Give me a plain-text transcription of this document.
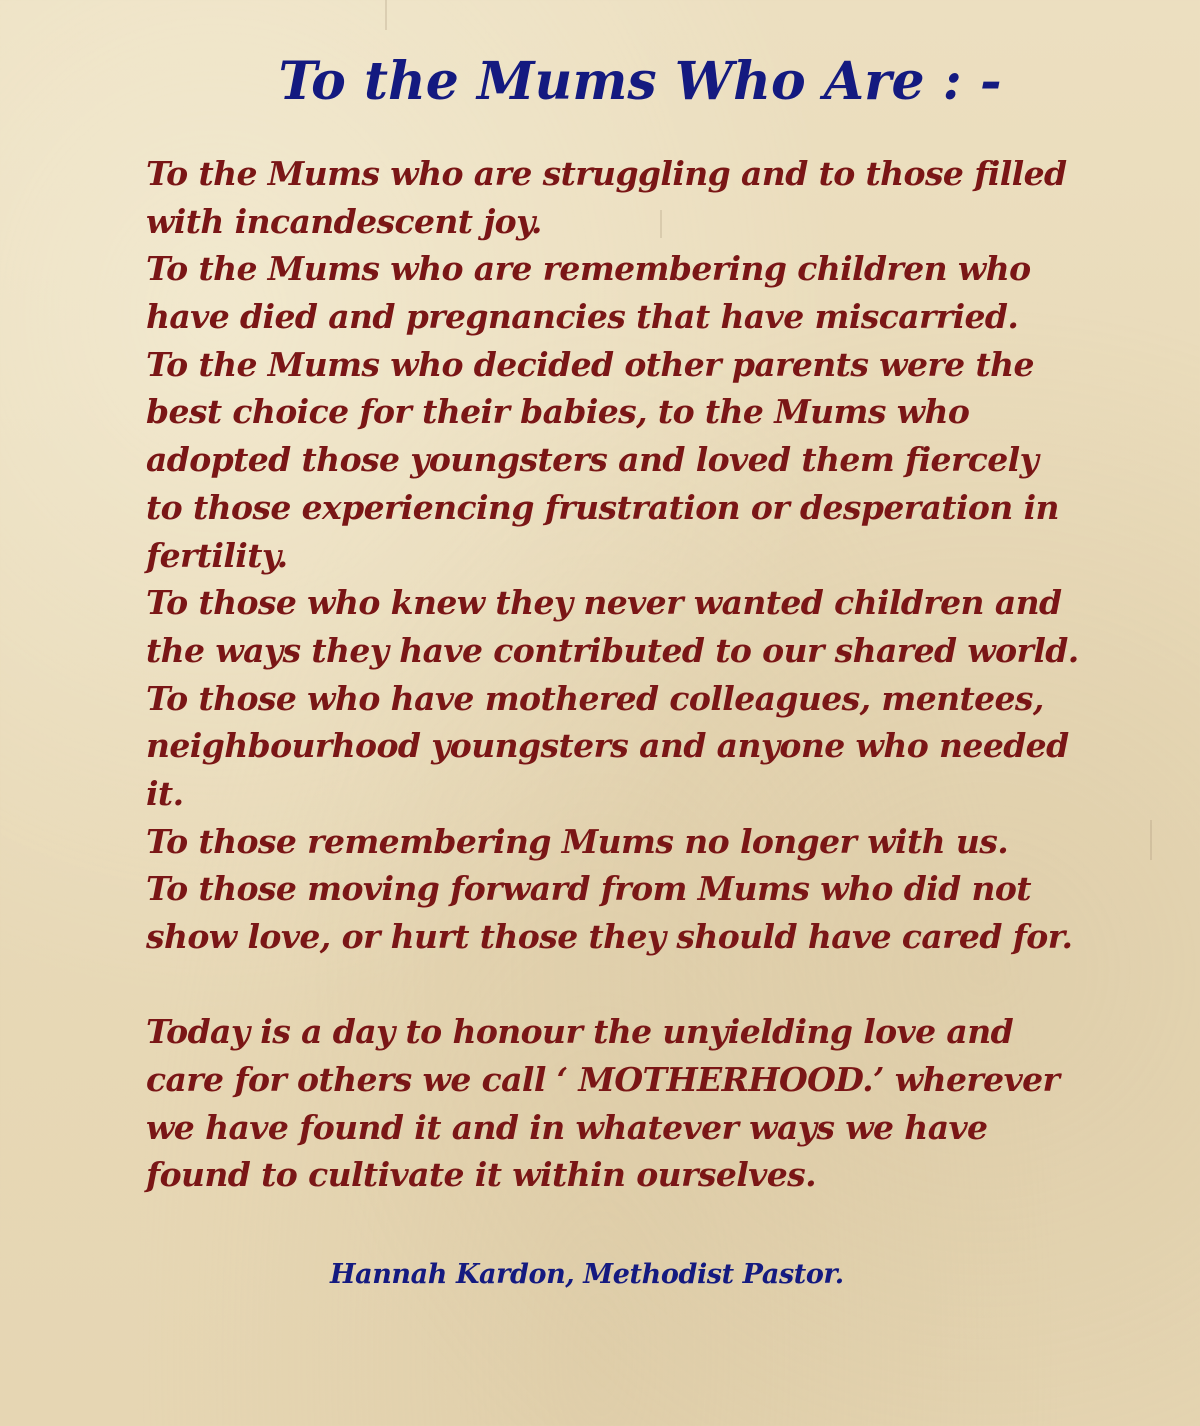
To the Mums Who Are : -
To the Mums who are struggling and to those filled
with incandescent joy.
To the Mums who are remembering children who
have died and pregnancies that have miscarried.
To the Mums who decided other parents were the
best choice for their babies, to the Mums who
adopted those youngsters and loved them fiercely
to those experiencing frustration or desperation in
fertility.
To those who knew they never wanted children and
the ways they have contributed to our shared world.
To those who have mothered colleagues, mentees,
neighbourhood youngsters and anyone who needed
it.
To those remembering Mums no longer with us.
To those moving forward from Mums who did not
show love, or hurt those they should have cared for.
Today is a day to honour the unyielding love and
care for others we call ‘ MOTHERHOOD.’ wherever
we have found it and in whatever ways we have
found to cultivate it within ourselves.
Hannah Kardon, Methodist Pastor.
